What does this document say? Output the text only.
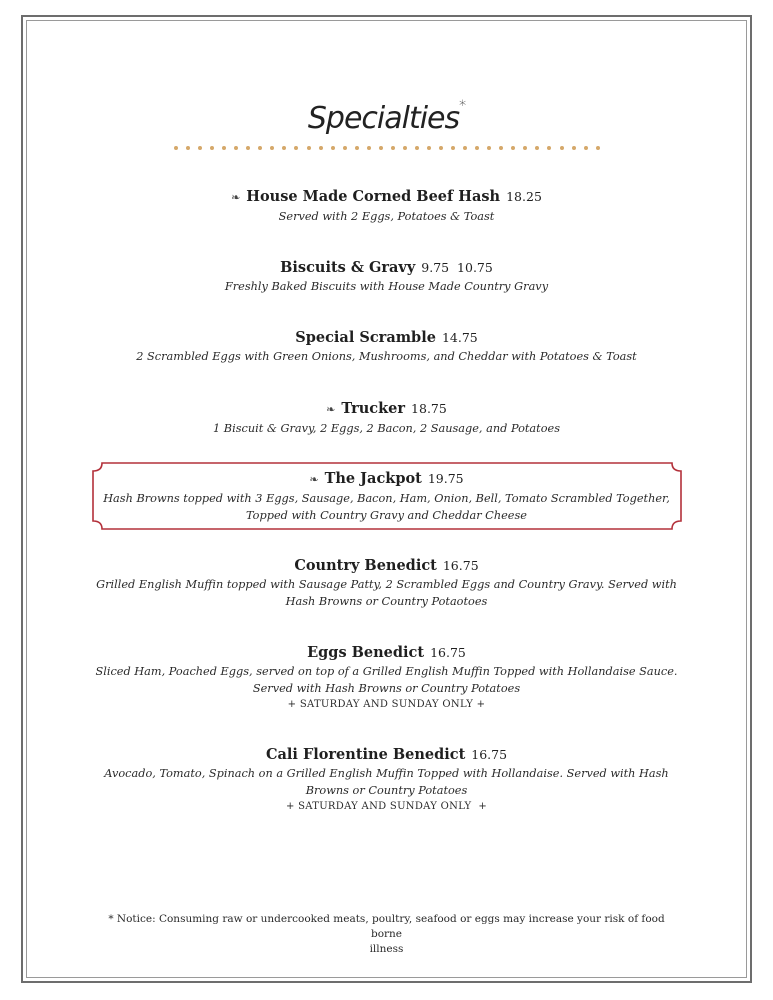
Specialties*
❧ House Made Corned Beef Hash 18.25
Served with 2 Eggs, Potatoes & Toast
Biscuits & Gravy 9.75  10.75
Freshly Baked Biscuits with House Made Country Gravy
Special Scramble 14.75
2 Scrambled Eggs with Green Onions, Mushrooms, and Cheddar with Potatoes & Toast
❧ Trucker 18.75
1 Biscuit & Gravy, 2 Eggs, 2 Bacon, 2 Sausage, and Potatoes
❧ The Jackpot 19.75
Hash Browns topped with 3 Eggs, Sausage, Bacon, Ham, Onion, Bell, Tomato Scrambled Together,
Topped with Country Gravy and Cheddar Cheese
Country Benedict 16.75
Grilled English Muffin topped with Sausage Patty, 2 Scrambled Eggs and Country Gravy. Served with
Hash Browns or Country Potaotoes
Eggs Benedict 16.75
Sliced Ham, Poached Eggs, served on top of a Grilled English Muffin Topped with Hollandaise Sauce.
Served with Hash Browns or Country Potatoes
+ SATURDAY AND SUNDAY ONLY +
Cali Florentine Benedict 16.75
Avocado, Tomato, Spinach on a Grilled English Muffin Topped with Hollandaise. Served with Hash
Browns or Country Potatoes
+ SATURDAY AND SUNDAY ONLY  +
* Notice: Consuming raw or undercooked meats, poultry, seafood or eggs may increase your risk of food borne
illness
